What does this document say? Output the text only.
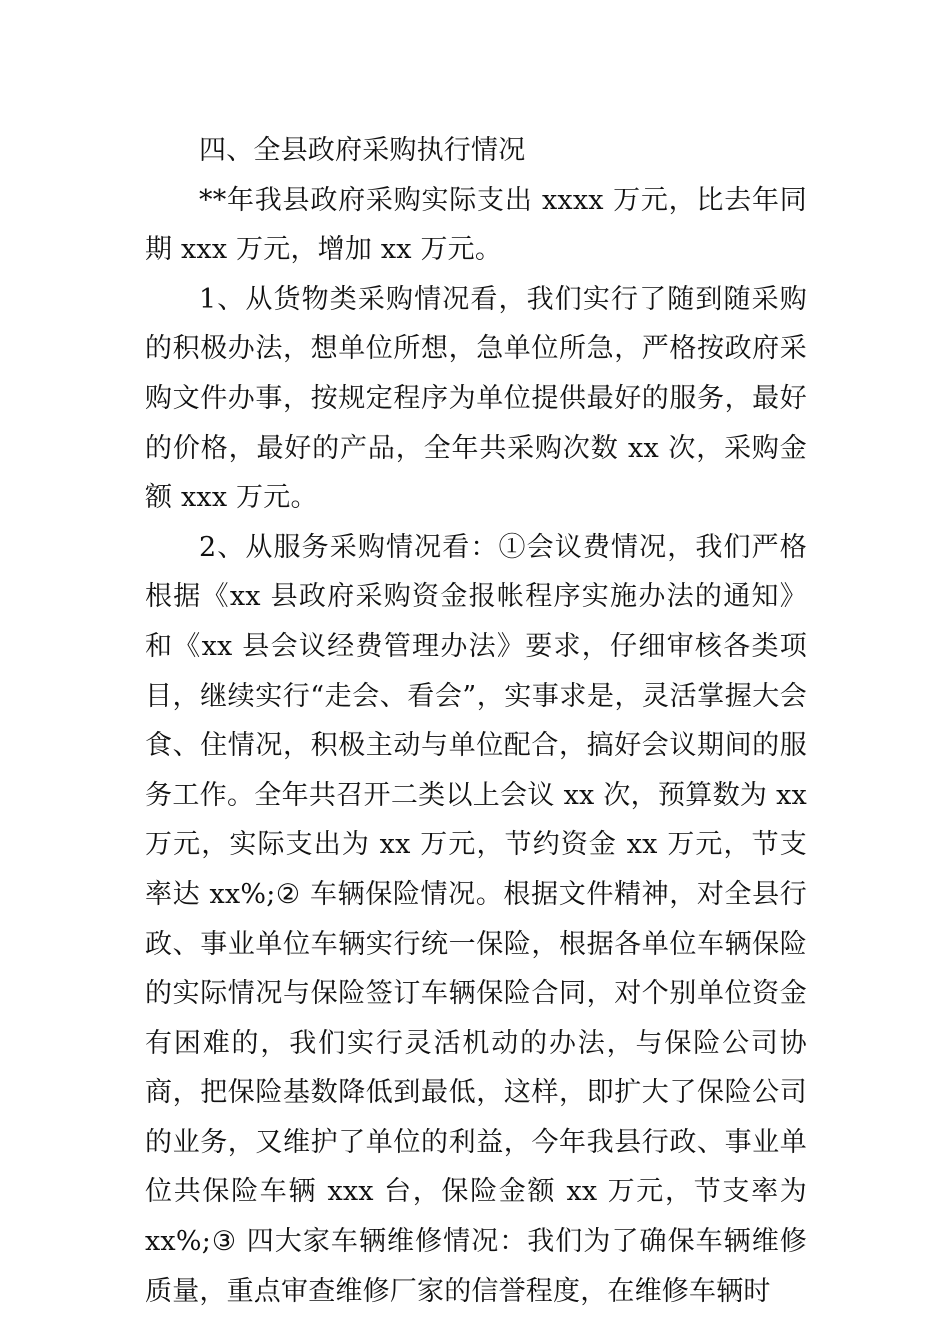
四、全县政府采购执行情况

**年我县政府采购实际支出 xxxx 万元，比去年同期 xxx 万元，增加 xx 万元。

1、从货物类采购情况看，我们实行了随到随采购的积极办法，想单位所想，急单位所急，严格按政府采购文件办事，按规定程序为单位提供最好的服务，最好的价格，最好的产品，全年共采购次数 xx 次，采购金额 xxx 万元。

2、从服务采购情况看：①会议费情况，我们严格根据《xx 县政府采购资金报帐程序实施办法的通知》和《xx 县会议经费管理办法》要求，仔细审核各类项目，继续实行“走会、看会”，实事求是，灵活掌握大会食、住情况，积极主动与单位配合，搞好会议期间的服务工作。全年共召开二类以上会议 xx 次，预算数为 xx 万元，实际支出为 xx 万元，节约资金 xx 万元，节支率达 xx%;② 车辆保险情况。根据文件精神，对全县行政、事业单位车辆实行统一保险，根据各单位车辆保险的实际情况与保险签订车辆保险合同，对个别单位资金有困难的，我们实行灵活机动的办法，与保险公司协商，把保险基数降低到最低，这样，即扩大了保险公司的业务，又维护了单位的利益，今年我县行政、事业单位共保险车辆 xxx 台，保险金额 xx 万元，节支率为 xx%;③ 四大家车辆维修情况：我们为了确保车辆维修质量，重点审查维修厂家的信誉程度，在维修车辆时
